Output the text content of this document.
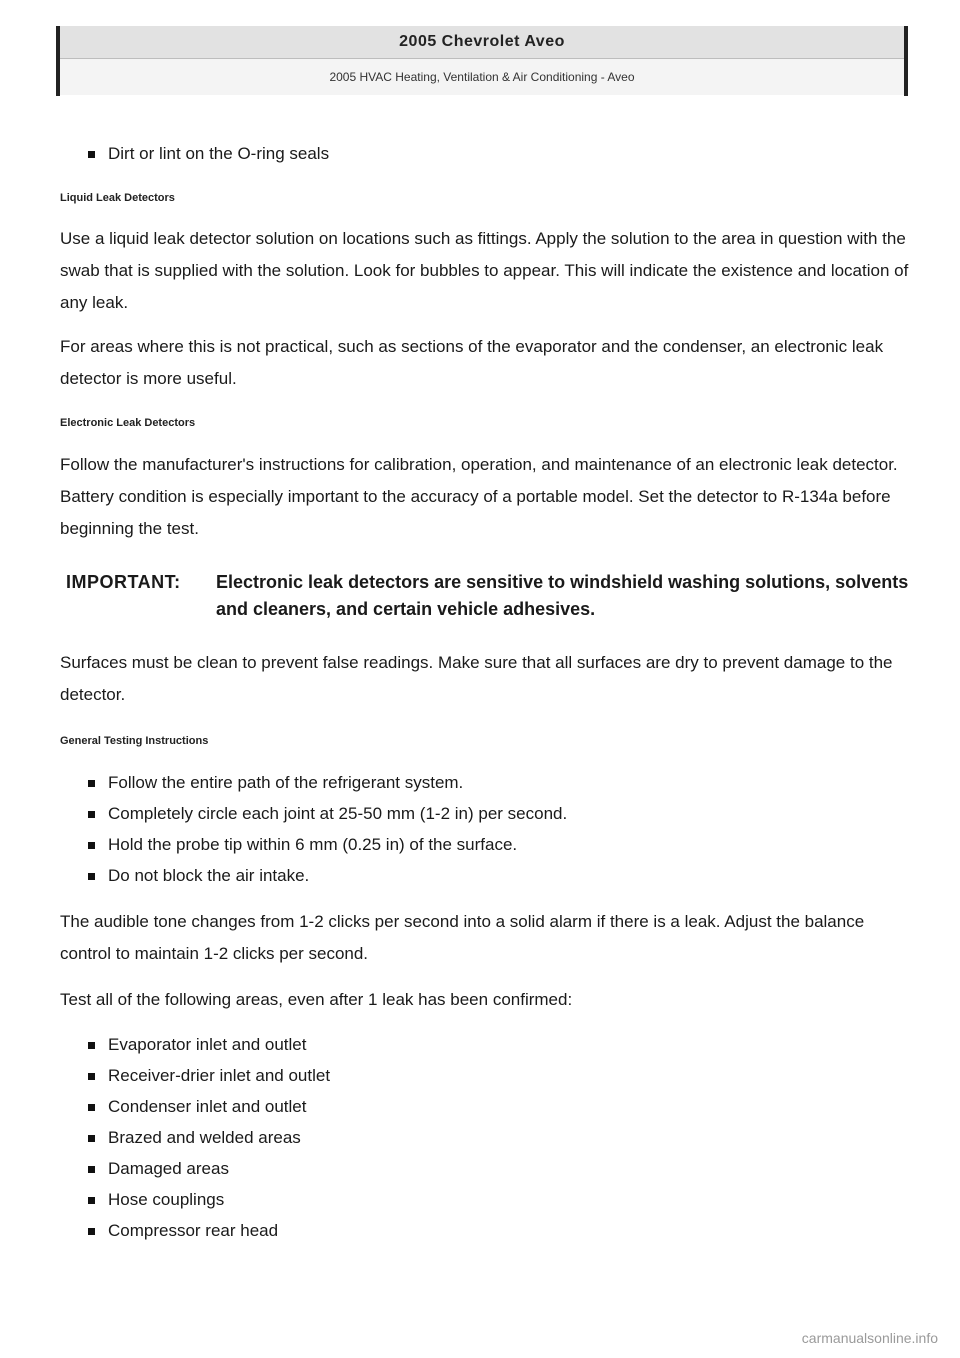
2005 Chevrolet Aveo
2005 HVAC Heating, Ventilation & Air Conditioning - Aveo
Dirt or lint on the O-ring seals
Liquid Leak Detectors

Use a liquid leak detector solution on locations such as fittings. Apply the solution to the area in question with the swab that is supplied with the solution. Look for bubbles to appear. This will indicate the existence and location of any leak.

For areas where this is not practical, such as sections of the evaporator and the condenser, an electronic leak detector is more useful.

Electronic Leak Detectors

Follow the manufacturer's instructions for calibration, operation, and maintenance of an electronic leak detector. Battery condition is especially important to the accuracy of a portable model. Set the detector to R-134a before beginning the test.

IMPORTANT:	Electronic leak detectors are sensitive to windshield washing solutions, solvents and cleaners, and certain vehicle adhesives.

Surfaces must be clean to prevent false readings. Make sure that all surfaces are dry to prevent damage to the detector.

General Testing Instructions
Follow the entire path of the refrigerant system.
Completely circle each joint at 25-50 mm (1-2 in) per second.
Hold the probe tip within 6 mm (0.25 in) of the surface.
Do not block the air intake.

The audible tone changes from 1-2 clicks per second into a solid alarm if there is a leak. Adjust the balance control to maintain 1-2 clicks per second.

Test all of the following areas, even after 1 leak has been confirmed:

Evaporator inlet and outlet
Receiver-drier inlet and outlet
Condenser inlet and outlet
Brazed and welded areas
Damaged areas
Hose couplings
Compressor rear head
carmanualsonline.info
